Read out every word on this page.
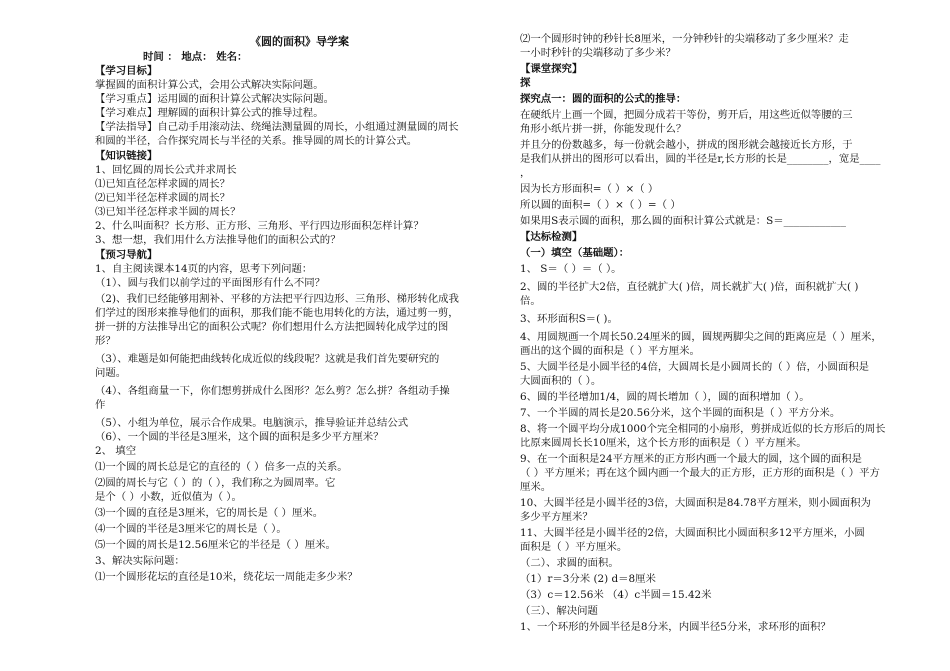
《圆的面积》导学案
时间 ： 地点： 姓名：
【学习目标】
掌握圆的面积计算公式，会用公式解决实际问题。
【学习重点】运用圆的面积计算公式解决实际问题。
【学习难点】理解圆的面积计算公式的推导过程。
【学法指导】自己动手用滚动法、绕绳法测量圆的周长，小组通过测量圆的周长
和圆的半径，合作探究周长与半径的关系。推导圆的周长的计算公式。
【知识链接】
1、回忆圆的周长公式并求周长
⑴已知直径怎样求圆的周长？
⑵已知半径怎样求圆的周长？
⑶已知半径怎样求半圆的周长？
2、什么叫面积？长方形、正方形、三角形、平行四边形面积怎样计算？
3、想一想，我们用什么方法推导他们的面积公式的？
【预习导航】
1、自主阅读课本14页的内容，思考下列问题：
（1）、圆与我们以前学过的平面图形有什么不同？
（2)、我们已经能够用割补、平移的方法把平行四边形、三角形、梯形转化成我
们学过的图形来推导他们的面积，那我们能不能也用转化的方法，通过剪一剪，
拼一拼的方法推导出它的面积公式呢？你们想用什么方法把圆转化成学过的图
形？
（3）、难题是如何能把曲线转化成近似的线段呢？这就是我们首先要研究的
问题。
（4）、各组商量一下，你们想剪拼成什么图形？怎么剪？怎么拼？各组动手操
作
（5）、小组为单位，展示合作成果。电脑演示，推导验证并总结公式
（6）、一个圆的半径是3厘米，这个圆的面积是多少平方厘米？
2、 填空
⑴一个圆的周长总是它的直径的（ ）倍多一点的关系。
⑵圆的周长与它（ ）的（ ），我们称之为圆周率。它
是个（ ）小数，近似值为（ ）。
⑶一个圆的直径是3厘米，它的周长是（ ）厘米。
⑷一个圆的半径是3厘米它的周长是（ ）。
⑸一个圆的周长是12.56厘米它的半径是（ ）厘米。
3、解决实际问题：
⑴一个圆形花坛的直径是10米，绕花坛一周能走多少米？
⑵一个圆形时钟的秒针长8厘米，一分钟秒针的尖端移动了多少厘米？走
一小时秒针的尖端移动了多少米？
【课堂探究】
探
探究点一：圆的面积的公式的推导：
在硬纸片上画一个圆，把圆分成若干等份，剪开后，用这些近似等腰的三
角形小纸片拼一拼，你能发现什么？
并且分的份数越多，每一份就会越小，拼成的图形就会越接近长方形，于
是我们从拼出的图形可以看出，圆的半径是r,长方形的长是________，宽是____
，
因为长方形面积=（ ）×（ ）
所以圆的面积=（ ）×（ ）=（ ）
如果用S表示圆的面积，那么圆的面积计算公式就是：S＝____________
【达标检测】
（一）填空（基础题）：
1、 S＝（ ）＝（ ）。
2、圆的半径扩大2倍，直径就扩大( )倍，周长就扩大( )倍，面积就扩大( )
倍。
3、环形面积S＝( )。
4、用圆规画一个周长50.24厘米的圆，圆规两脚尖之间的距离应是（ ）厘米，
画出的这个圆的面积是（ ）平方厘米。
5、大圆半径是小圆半径的4倍，大圆周长是小圆周长的（ ）倍，小圆面积是
大圆面积的（ ）。
6、圆的半径增加1/4，圆的周长增加（ ），圆的面积增加（ ）。
7、一个半圆的周长是20.56分米，这个半圆的面积是（ ）平方分米。
8、将一个圆平均分成1000个完全相同的小扇形，剪拼成近似的长方形后的周长
比原来圆周长长10厘米，这个长方形的面积是（ ）平方厘米。
9、在一个面积是24平方厘米的正方形内画一个最大的圆，这个圆的面积是
（ ）平方厘米；再在这个圆内画一个最大的正方形，正方形的面积是（ ）平方
厘米。
10、大圆半径是小圆半径的3倍，大圆面积是84.78平方厘米，则小圆面积为
多少平方厘米？
11、大圆半径是小圆半径的2倍，大圆面积比小圆面积多12平方厘米，小圆
面积是（ ）平方厘米。
（二）、求圆的面积。
（1）r＝3分米 (2) d＝8厘米
（3）c＝12.56米 （4）c半圆＝15.42米
（三）、解决问题
1、一个环形的外圆半径是8分米，内圆半径5分米，求环形的面积？
